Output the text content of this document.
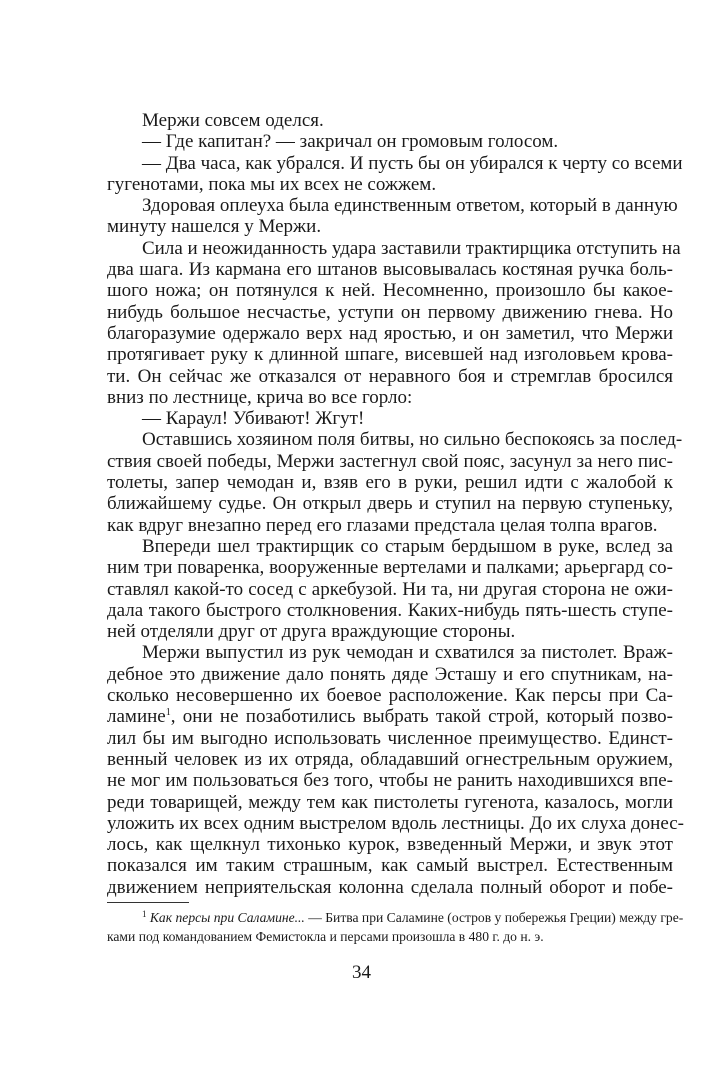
Мержи совсем оделся.
— Где капитан? — закричал он громовым голосом.
— Два часа, как убрался. И пусть бы он убирался к черту со всеми
гугенотами, пока мы их всех не сожжем.
Здоровая оплеуха была единственным ответом, который в данную
минуту нашелся у Мержи.
Сила и неожиданность удара заставили трактирщика отступить на
два шага. Из кармана его штанов высовывалась костяная ручка боль-
шого ножа; он потянулся к ней. Несомненно, произошло бы какое-
нибудь большое несчастье, уступи он первому движению гнева. Но
благоразумие одержало верх над яростью, и он заметил, что Мержи
протягивает руку к длинной шпаге, висевшей над изголовьем крова-
ти. Он сейчас же отказался от неравного боя и стремглав бросился
вниз по лестнице, крича во все горло:
— Караул! Убивают! Жгут!
Оставшись хозяином поля битвы, но сильно беспокоясь за послед-
ствия своей победы, Мержи застегнул свой пояс, засунул за него пис-
толеты, запер чемодан и, взяв его в руки, решил идти с жалобой к
ближайшему судье. Он открыл дверь и ступил на первую ступеньку,
как вдруг внезапно перед его глазами предстала целая толпа врагов.
Впереди шел трактирщик со старым бердышом в руке, вслед за
ним три поваренка, вооруженные вертелами и палками; арьергард со-
ставлял какой-то сосед с аркебузой. Ни та, ни другая сторона не ожи-
дала такого быстрого столкновения. Каких-нибудь пять-шесть ступе-
ней отделяли друг от друга враждующие стороны.
Мержи выпустил из рук чемодан и схватился за пистолет. Враж-
дебное это движение дало понять дяде Эсташу и его спутникам, на-
сколько несовершенно их боевое расположение. Как персы при Са-
ламине$^1$, они не позаботились выбрать такой строй, который позво-
лил бы им выгодно использовать численное преимущество. Единст-
венный человек из их отряда, обладавший огнестрельным оружием,
не мог им пользоваться без того, чтобы не ранить находившихся впе-
реди товарищей, между тем как пистолеты гугенота, казалось, могли
уложить их всех одним выстрелом вдоль лестницы. До их слуха донес-
лось, как щелкнул тихонько курок, взведенный Мержи, и звук этот
показался им таким страшным, как самый выстрел. Естественным
движением неприятельская колонна сделала полный оборот и побе-
$^1$ Как персы при Саламине... — Битва при Саламине (остров у побережья Греции) между гре-
ками под командованием Фемистокла и персами произошла в 480 г. до н. э.
34
